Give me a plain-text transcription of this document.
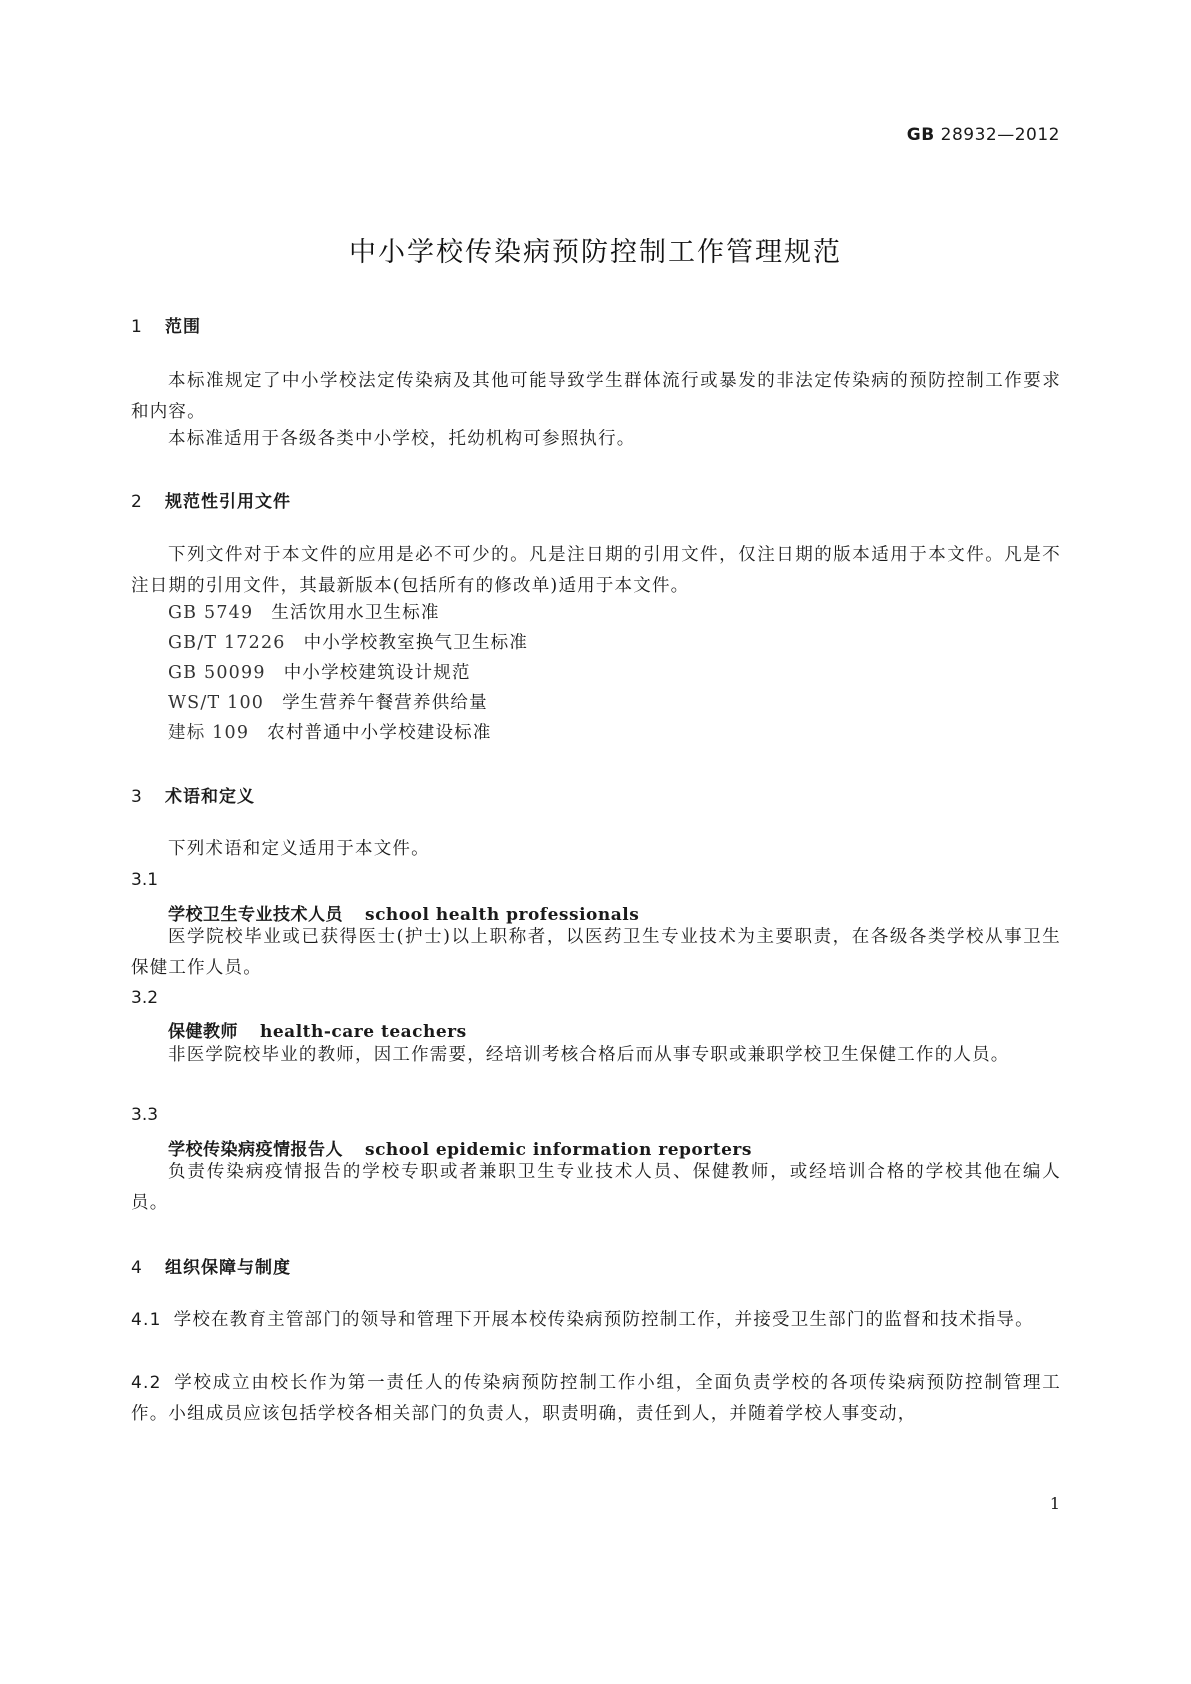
GB 28932—2012
中小学校传染病预防控制工作管理规范
1 范围
本标准规定了中小学校法定传染病及其他可能导致学生群体流行或暴发的非法定传染病的预防控制工作要求和内容。
本标准适用于各级各类中小学校，托幼机构可参照执行。
2 规范性引用文件
下列文件对于本文件的应用是必不可少的。凡是注日期的引用文件，仅注日期的版本适用于本文件。凡是不注日期的引用文件，其最新版本(包括所有的修改单)适用于本文件。
GB 5749 生活饮用水卫生标准
GB/T 17226 中小学校教室换气卫生标准
GB 50099 中小学校建筑设计规范
WS/T 100 学生营养午餐营养供给量
建标 109 农村普通中小学校建设标准
3 术语和定义
下列术语和定义适用于本文件。
3.1
学校卫生专业技术人员 school health professionals
医学院校毕业或已获得医士(护士)以上职称者，以医药卫生专业技术为主要职责，在各级各类学校从事卫生保健工作人员。
3.2
保健教师 health-care teachers
非医学院校毕业的教师，因工作需要，经培训考核合格后而从事专职或兼职学校卫生保健工作的人员。
3.3
学校传染病疫情报告人 school epidemic information reporters
负责传染病疫情报告的学校专职或者兼职卫生专业技术人员、保健教师，或经培训合格的学校其他在编人员。
4 组织保障与制度
4.1 学校在教育主管部门的领导和管理下开展本校传染病预防控制工作，并接受卫生部门的监督和技术指导。
4.2 学校成立由校长作为第一责任人的传染病预防控制工作小组，全面负责学校的各项传染病预防控制管理工作。小组成员应该包括学校各相关部门的负责人，职责明确，责任到人，并随着学校人事变动，
1
